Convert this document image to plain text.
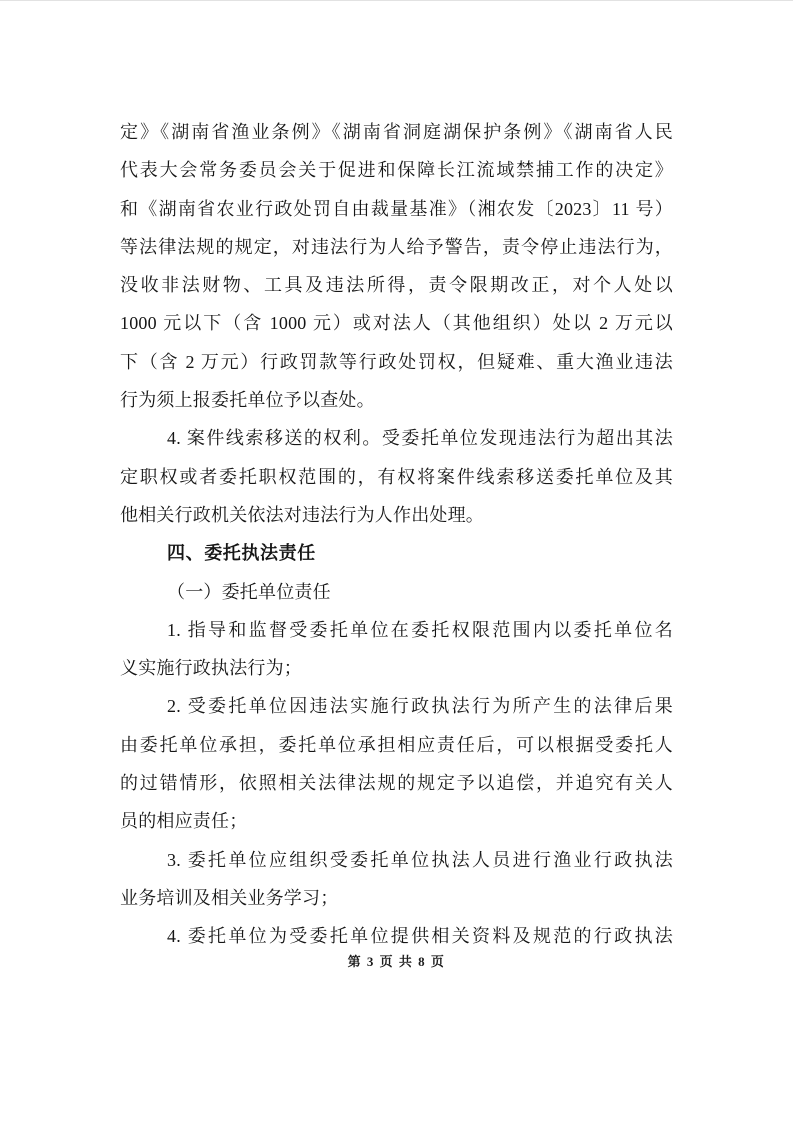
定》《湖南省渔业条例》《湖南省洞庭湖保护条例》《湖南省人民
代表大会常务委员会关于促进和保障长江流域禁捕工作的决定》
和《湖南省农业行政处罚自由裁量基准》（湘农发〔2023〕11 号）
等法律法规的规定，对违法行为人给予警告，责令停止违法行为，
没收非法财物、工具及违法所得，责令限期改正，对个人处以
1000 元以下（含 1000 元）或对法人（其他组织）处以 2 万元以
下（含 2 万元）行政罚款等行政处罚权，但疑难、重大渔业违法
行为须上报委托单位予以查处。
4. 案件线索移送的权利。受委托单位发现违法行为超出其法
定职权或者委托职权范围的，有权将案件线索移送委托单位及其
他相关行政机关依法对违法行为人作出处理。
四、委托执法责任
（一）委托单位责任
1. 指导和监督受委托单位在委托权限范围内以委托单位名
义实施行政执法行为；
2. 受委托单位因违法实施行政执法行为所产生的法律后果
由委托单位承担，委托单位承担相应责任后，可以根据受委托人
的过错情形，依照相关法律法规的规定予以追偿，并追究有关人
员的相应责任；
3. 委托单位应组织受委托单位执法人员进行渔业行政执法
业务培训及相关业务学习；
4. 委托单位为受委托单位提供相关资料及规范的行政执法
第 3 页 共 8 页
